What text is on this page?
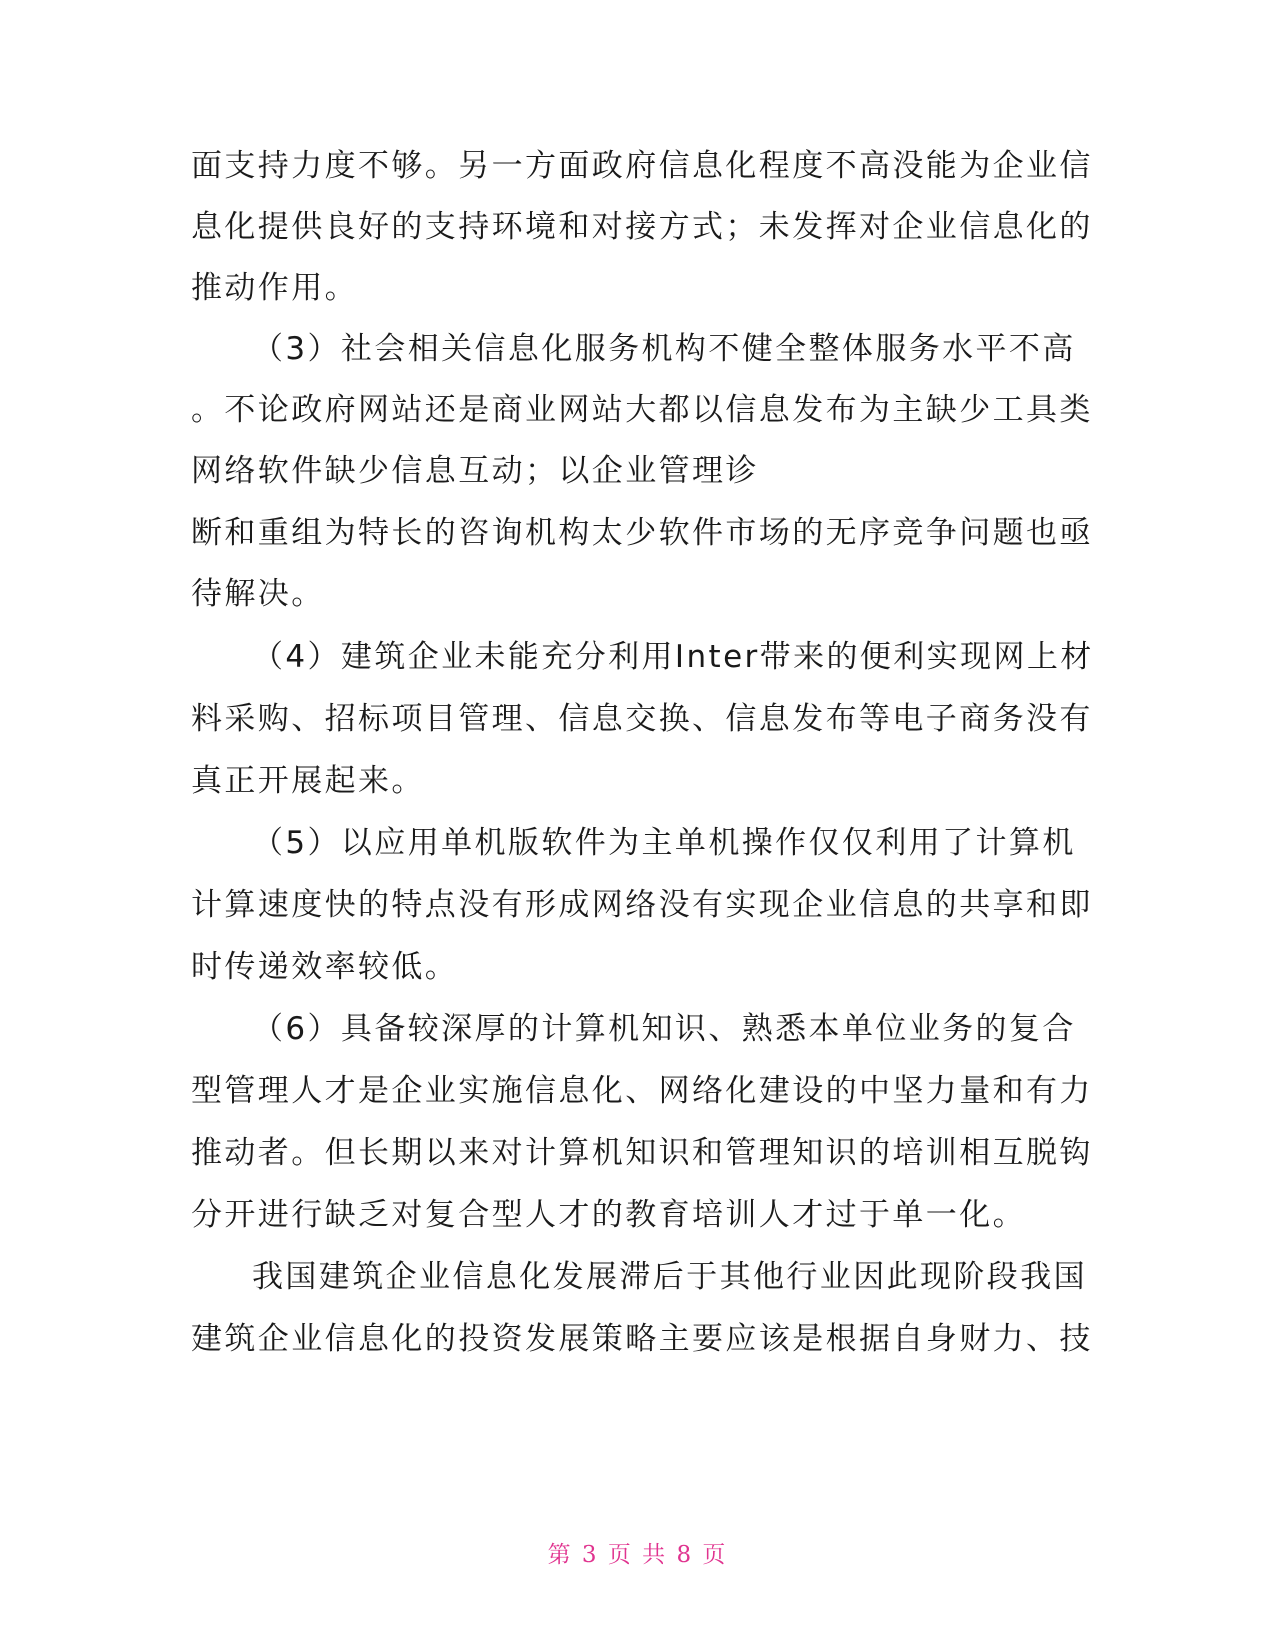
面支持力度不够。另一方面政府信息化程度不高没能为企业信
息化提供良好的支持环境和对接方式；未发挥对企业信息化的
推动作用。
（3）社会相关信息化服务机构不健全整体服务水平不高
。不论政府网站还是商业网站大都以信息发布为主缺少工具类
网络软件缺少信息互动；以企业管理诊
断和重组为特长的咨询机构太少软件市场的无序竞争问题也亟
待解决。
（4）建筑企业未能充分利用Inter带来的便利实现网上材
料采购、招标项目管理、信息交换、信息发布等电子商务没有
真正开展起来。
（5）以应用单机版软件为主单机操作仅仅利用了计算机
计算速度快的特点没有形成网络没有实现企业信息的共享和即
时传递效率较低。
（6）具备较深厚的计算机知识、熟悉本单位业务的复合
型管理人才是企业实施信息化、网络化建设的中坚力量和有力
推动者。但长期以来对计算机知识和管理知识的培训相互脱钩
分开进行缺乏对复合型人才的教育培训人才过于单一化。
我国建筑企业信息化发展滞后于其他行业因此现阶段我国
建筑企业信息化的投资发展策略主要应该是根据自身财力、技
第 3 页 共 8 页
